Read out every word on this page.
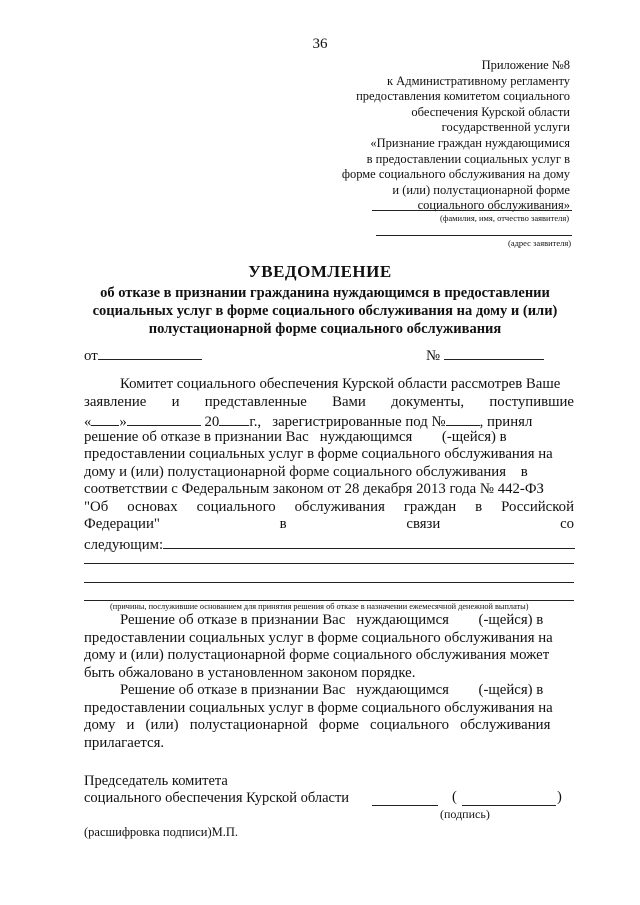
36
Приложение №8
к Административному регламенту
предоставления комитетом социального
обеспечения Курской области
государственной услуги
«Признание граждан нуждающимися
в предоставлении социальных услуг в
форме социального обслуживания на дому
и (или) полустационарной форме
социального обслуживания»
(фамилия, имя, отчество заявителя)
(адрес заявителя)
УВЕДОМЛЕНИЕ
об отказе в признании гражданина нуждающимся в предоставлении
социальных услуг в форме социального обслуживания на дому и (или)
полустационарной форме социального обслуживания
от	№
Комитет социального обеспечения Курской области рассмотрев Ваше
заявление и представленные Вами документы, поступившие
« »	20 г., зарегистрированные под № , принял
решение об отказе в признании Вас   нуждающимся        (-щейся) в
предоставлении социальных услуг в форме социального обслуживания на
дому и (или) полустационарной форме социального обслуживания    в
соответствии с Федеральным законом от 28 декабря 2013 года № 442-ФЗ
"Об основах социального обслуживания граждан в Российской
Федерации"	в	связи	со
следующим:
(причины, послужившие основанием для принятия решения об отказе в назначении ежемесячной денежной выплаты)
Решение об отказе в признании Вас   нуждающимся        (-щейся) в
предоставлении социальных услуг в форме социального обслуживания на
дому и (или) полустационарной форме социального обслуживания может
быть обжаловано в установленном законом порядке.
Решение об отказе в признании Вас   нуждающимся        (-щейся) в
предоставлении социальных услуг в форме социального обслуживания на
дому   и   (или)   полустационарной   форме   социального   обслуживания
прилагается.
Председатель комитета
социального обеспечения Курской области	(	)
(подпись)
(расшифровка подписи)М.П.
